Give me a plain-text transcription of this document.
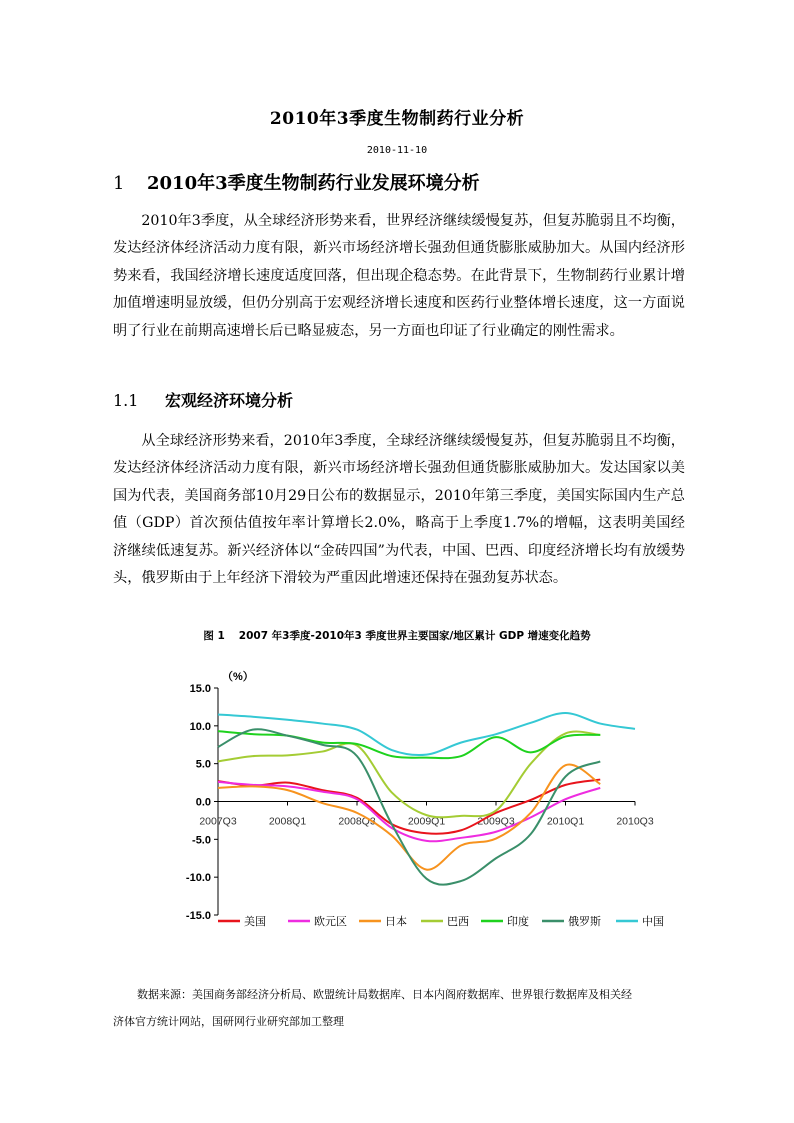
2010年3季度生物制药行业分析
2010-11-10
1 2010年3季度生物制药行业发展环境分析

2010年3季度，从全球经济形势来看，世界经济继续缓慢复苏，但复苏脆弱且不均衡，发达经济体经济活动力度有限，新兴市场经济增长强劲但通货膨胀威胁加大。从国内经济形势来看，我国经济增长速度适度回落，但出现企稳态势。在此背景下，生物制药行业累计增加值增速明显放缓，但仍分别高于宏观经济增长速度和医药行业整体增长速度，这一方面说明了行业在前期高速增长后已略显疲态，另一方面也印证了行业确定的刚性需求。

1.1 宏观经济环境分析

从全球经济形势来看，2010年3季度，全球经济继续缓慢复苏，但复苏脆弱且不均衡，发达经济体经济活动力度有限，新兴市场经济增长强劲但通货膨胀威胁加大。发达国家以美国为代表，美国商务部10月29日公布的数据显示，2010年第三季度，美国实际国内生产总值（GDP）首次预估值按年率计算增长2.0%，略高于上季度1.7%的增幅，这表明美国经济继续低速复苏。新兴经济体以“金砖四国”为代表，中国、巴西、印度经济增长均有放缓势头，俄罗斯由于上年经济下滑较为严重因此增速还保持在强劲复苏状态。

图 1 2007 年3季度-2010年3 季度世界主要国家/地区累计 GDP 增速变化趋势
15.0
10.0
5.0
0.0
-5.0
-10.0
-15.0
2007Q3	2008Q1	2008Q3	2009Q1	2009Q3	2010Q1	2010Q3
美国	欧元区	日本	巴西	印度	俄罗斯	中国
（%）
数据来源：美国商务部经济分析局、欧盟统计局数据库、日本内阁府数据库、世界银行数据库及相关经
济体官方统计网站，国研网行业研究部加工整理
